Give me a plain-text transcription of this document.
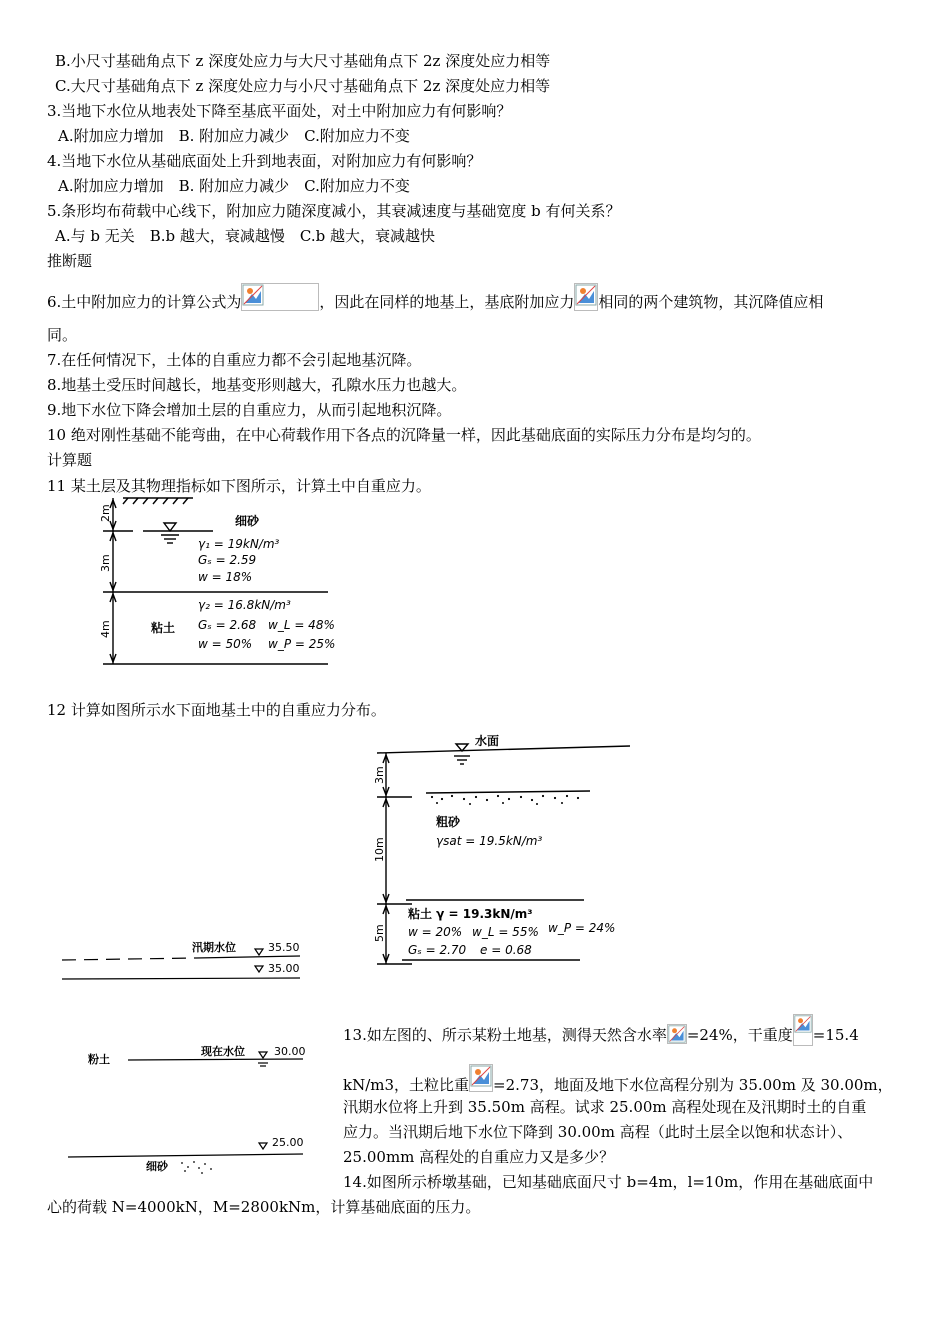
B.小尺寸基础角点下 z 深度处应力与大尺寸基础角点下 2z 深度处应力相等
C.大尺寸基础角点下 z 深度处应力与小尺寸基础角点下 2z 深度处应力相等
3.当地下水位从地表处下降至基底平面处，对土中附加应力有何影响？
A.附加应力增加　B. 附加应力减少　C.附加应力不变
4.当地下水位从基础底面处上升到地表面，对附加应力有何影响？
A.附加应力增加　B. 附加应力减少　C.附加应力不变
5.条形均布荷载中心线下，附加应力随深度减小，其衰减速度与基础宽度 b 有何关系？
A.与 b 无关　B.b 越大，衰减越慢　C.b 越大，衰减越快
推断题
6.土中附加应力的计算公式为	，因此在同样的地基上，基底附加应力 相同的两个建筑物，其沉降值应相
同。
7.在任何情况下，土体的自重应力都不会引起地基沉降。
8.地基土受压时间越长，地基变形则越大，孔隙水压力也越大。
9.地下水位下降会增加土层的自重应力，从而引起地积沉降。
10 绝对刚性基础不能弯曲，在中心荷载作用下各点的沉降量一样，因此基础底面的实际压力分布是均匀的。
计算题
11 某土层及其物理指标如下图所示，计算土中自重应力。
2m
3m
4m
细砂
γ₁ = 19kN/m³
Gₛ = 2.59
w = 18%
粘土
γ₂ = 16.8kN/m³
Gₛ = 2.68 w_L = 48%
w = 50% w_P = 25%
12 计算如图所示水下面地基土中的自重应力分布。
水面
3m
10m
5m
粗砂
γsat = 19.5kN/m³
粘土 γ = 19.3kN/m³
w = 20% w_L = 55% w_P = 24%
Gₛ = 2.70 e = 0.68
汛期水位	35.50
35.00
粉土
现在水位	30.00
25.00
细砂
13.如左图的、所示某粉土地基，测得天然含水率 =24%，干重度 =15.4
kN/m3，土粒比重 =2.73，地面及地下水位高程分别为 35.00m 及 30.00m，
汛期水位将上升到 35.50m 高程。试求 25.00m 高程处现在及汛期时土的自重
应力。当汛期后地下水位下降到 30.00m 高程（此时土层全以饱和状态计）、
25.00mm 高程处的自重应力又是多少？
14.如图所示桥墩基础，已知基础底面尺寸 b=4m，l=10m，作用在基础底面中
心的荷载 N=4000kN，M=2800kNm，计算基础底面的压力。
